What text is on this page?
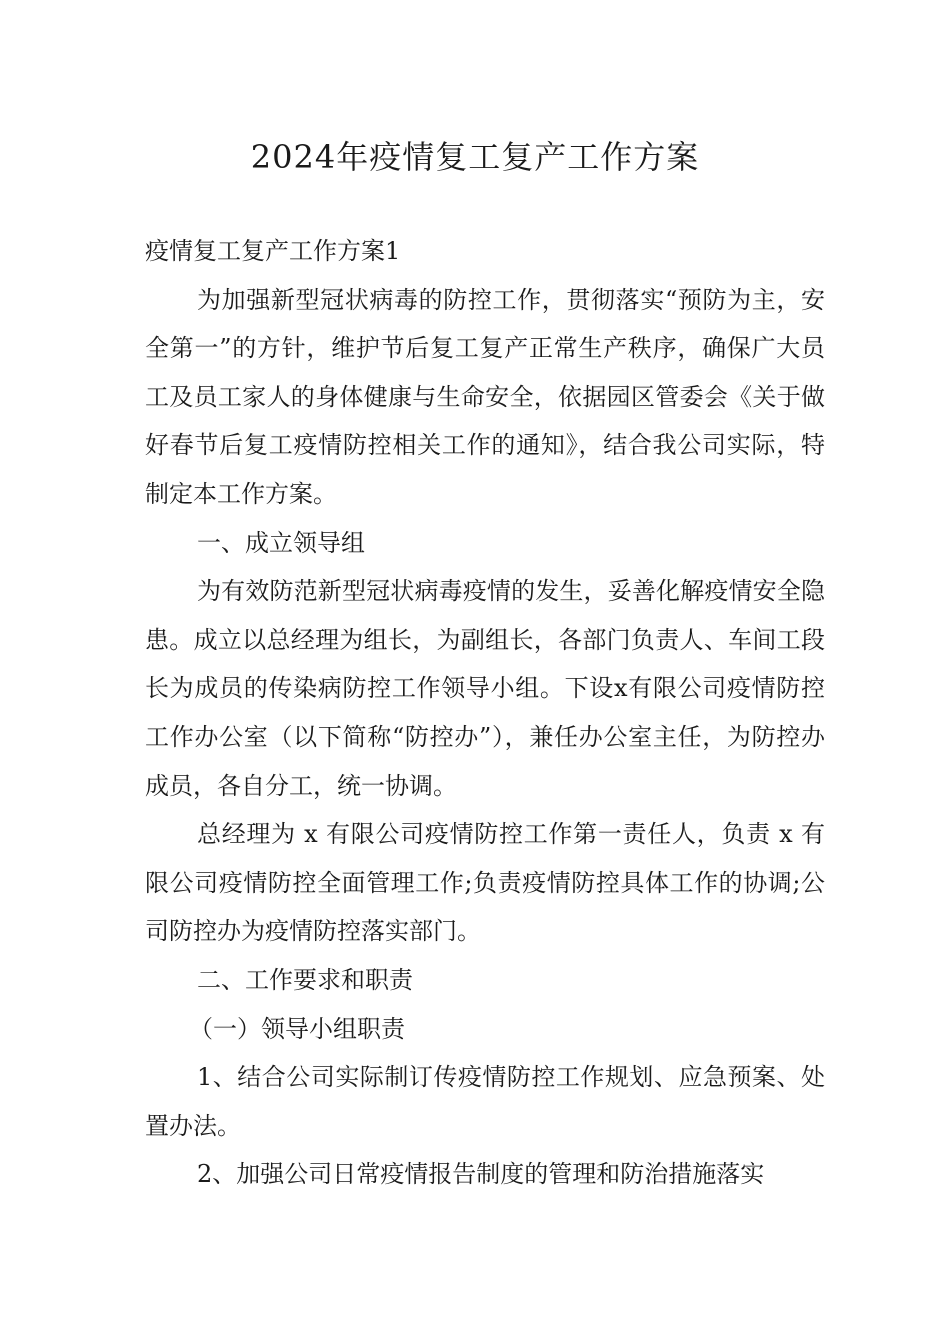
2024年疫情复工复产工作方案

疫情复工复产工作方案1

为加强新型冠状病毒的防控工作，贯彻落实“预防为主，安全第一”的方针，维护节后复工复产正常生产秩序，确保广大员工及员工家人的身体健康与生命安全，依据园区管委会《关于做好春节后复工疫情防控相关工作的通知》，结合我公司实际，特制定本工作方案。

一、成立领导组

为有效防范新型冠状病毒疫情的发生，妥善化解疫情安全隐患。成立以总经理为组长，为副组长，各部门负责人、车间工段长为成员的传染病防控工作领导小组。下设x有限公司疫情防控工作办公室（以下简称“防控办”），兼任办公室主任，为防控办成员，各自分工，统一协调。

总经理为 x 有限公司疫情防控工作第一责任人，负责 x 有限公司疫情防控全面管理工作;负责疫情防控具体工作的协调;公司防控办为疫情防控落实部门。

二、工作要求和职责

（一）领导小组职责

1、结合公司实际制订传疫情防控工作规划、应急预案、处置办法。

2、加强公司日常疫情报告制度的管理和防治措施落实
